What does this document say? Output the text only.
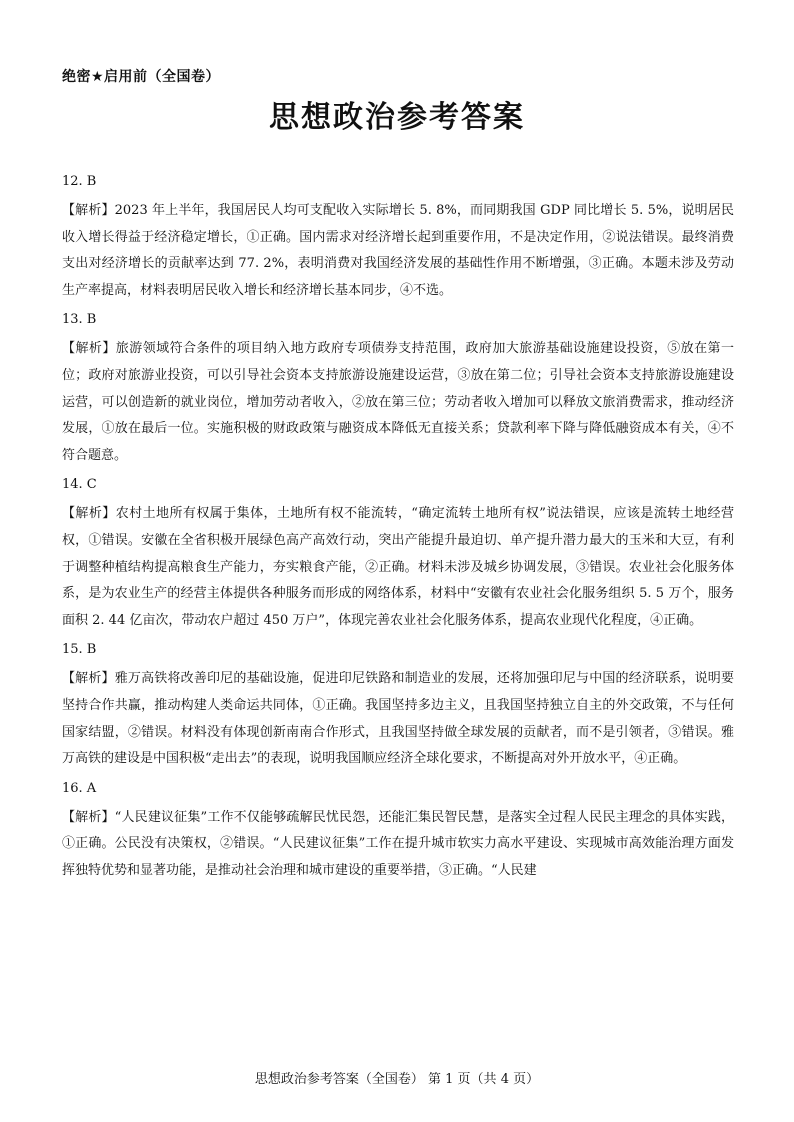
绝密★启用前（全国卷）
思想政治参考答案
12. B
【解析】2023 年上半年，我国居民人均可支配收入实际增长 5. 8%，而同期我国 GDP 同比增长 5. 5%，说明居民收入增长得益于经济稳定增长，①正确。国内需求对经济增长起到重要作用，不是决定作用，②说法错误。最终消费支出对经济增长的贡献率达到 77. 2%，表明消费对我国经济发展的基础性作用不断增强，③正确。本题未涉及劳动生产率提高，材料表明居民收入增长和经济增长基本同步，④不选。
13. B
【解析】旅游领域符合条件的项目纳入地方政府专项债券支持范围，政府加大旅游基础设施建设投资，⑤放在第一位；政府对旅游业投资，可以引导社会资本支持旅游设施建设运营，③放在第二位；引导社会资本支持旅游设施建设运营，可以创造新的就业岗位，增加劳动者收入，②放在第三位；劳动者收入增加可以释放文旅消费需求，推动经济发展，①放在最后一位。实施积极的财政政策与融资成本降低无直接关系；贷款利率下降与降低融资成本有关，④不符合题意。
14. C
【解析】农村土地所有权属于集体，土地所有权不能流转，“确定流转土地所有权”说法错误，应该是流转土地经营权，①错误。安徽在全省积极开展绿色高产高效行动，突出产能提升最迫切、单产提升潜力最大的玉米和大豆，有利于调整种植结构提高粮食生产能力，夯实粮食产能，②正确。材料未涉及城乡协调发展，③错误。农业社会化服务体系，是为农业生产的经营主体提供各种服务而形成的网络体系，材料中“安徽有农业社会化服务组织 5. 5 万个，服务面积 2. 44 亿亩次，带动农户超过 450 万户”，体现完善农业社会化服务体系，提高农业现代化程度，④正确。
15. B
【解析】雅万高铁将改善印尼的基础设施，促进印尼铁路和制造业的发展，还将加强印尼与中国的经济联系，说明要坚持合作共赢，推动构建人类命运共同体，①正确。我国坚持多边主义，且我国坚持独立自主的外交政策，不与任何国家结盟，②错误。材料没有体现创新南南合作形式，且我国坚持做全球发展的贡献者，而不是引领者，③错误。雅万高铁的建设是中国积极“走出去”的表现，说明我国顺应经济全球化要求，不断提高对外开放水平，④正确。
16. A
【解析】“人民建议征集”工作不仅能够疏解民忧民怨，还能汇集民智民慧，是落实全过程人民民主理念的具体实践，①正确。公民没有决策权，②错误。“人民建议征集”工作在提升城市软实力高水平建设、实现城市高效能治理方面发挥独特优势和显著功能，是推动社会治理和城市建设的重要举措，③正确。“人民建
思想政治参考答案（全国卷） 第 1 页（共 4 页）
